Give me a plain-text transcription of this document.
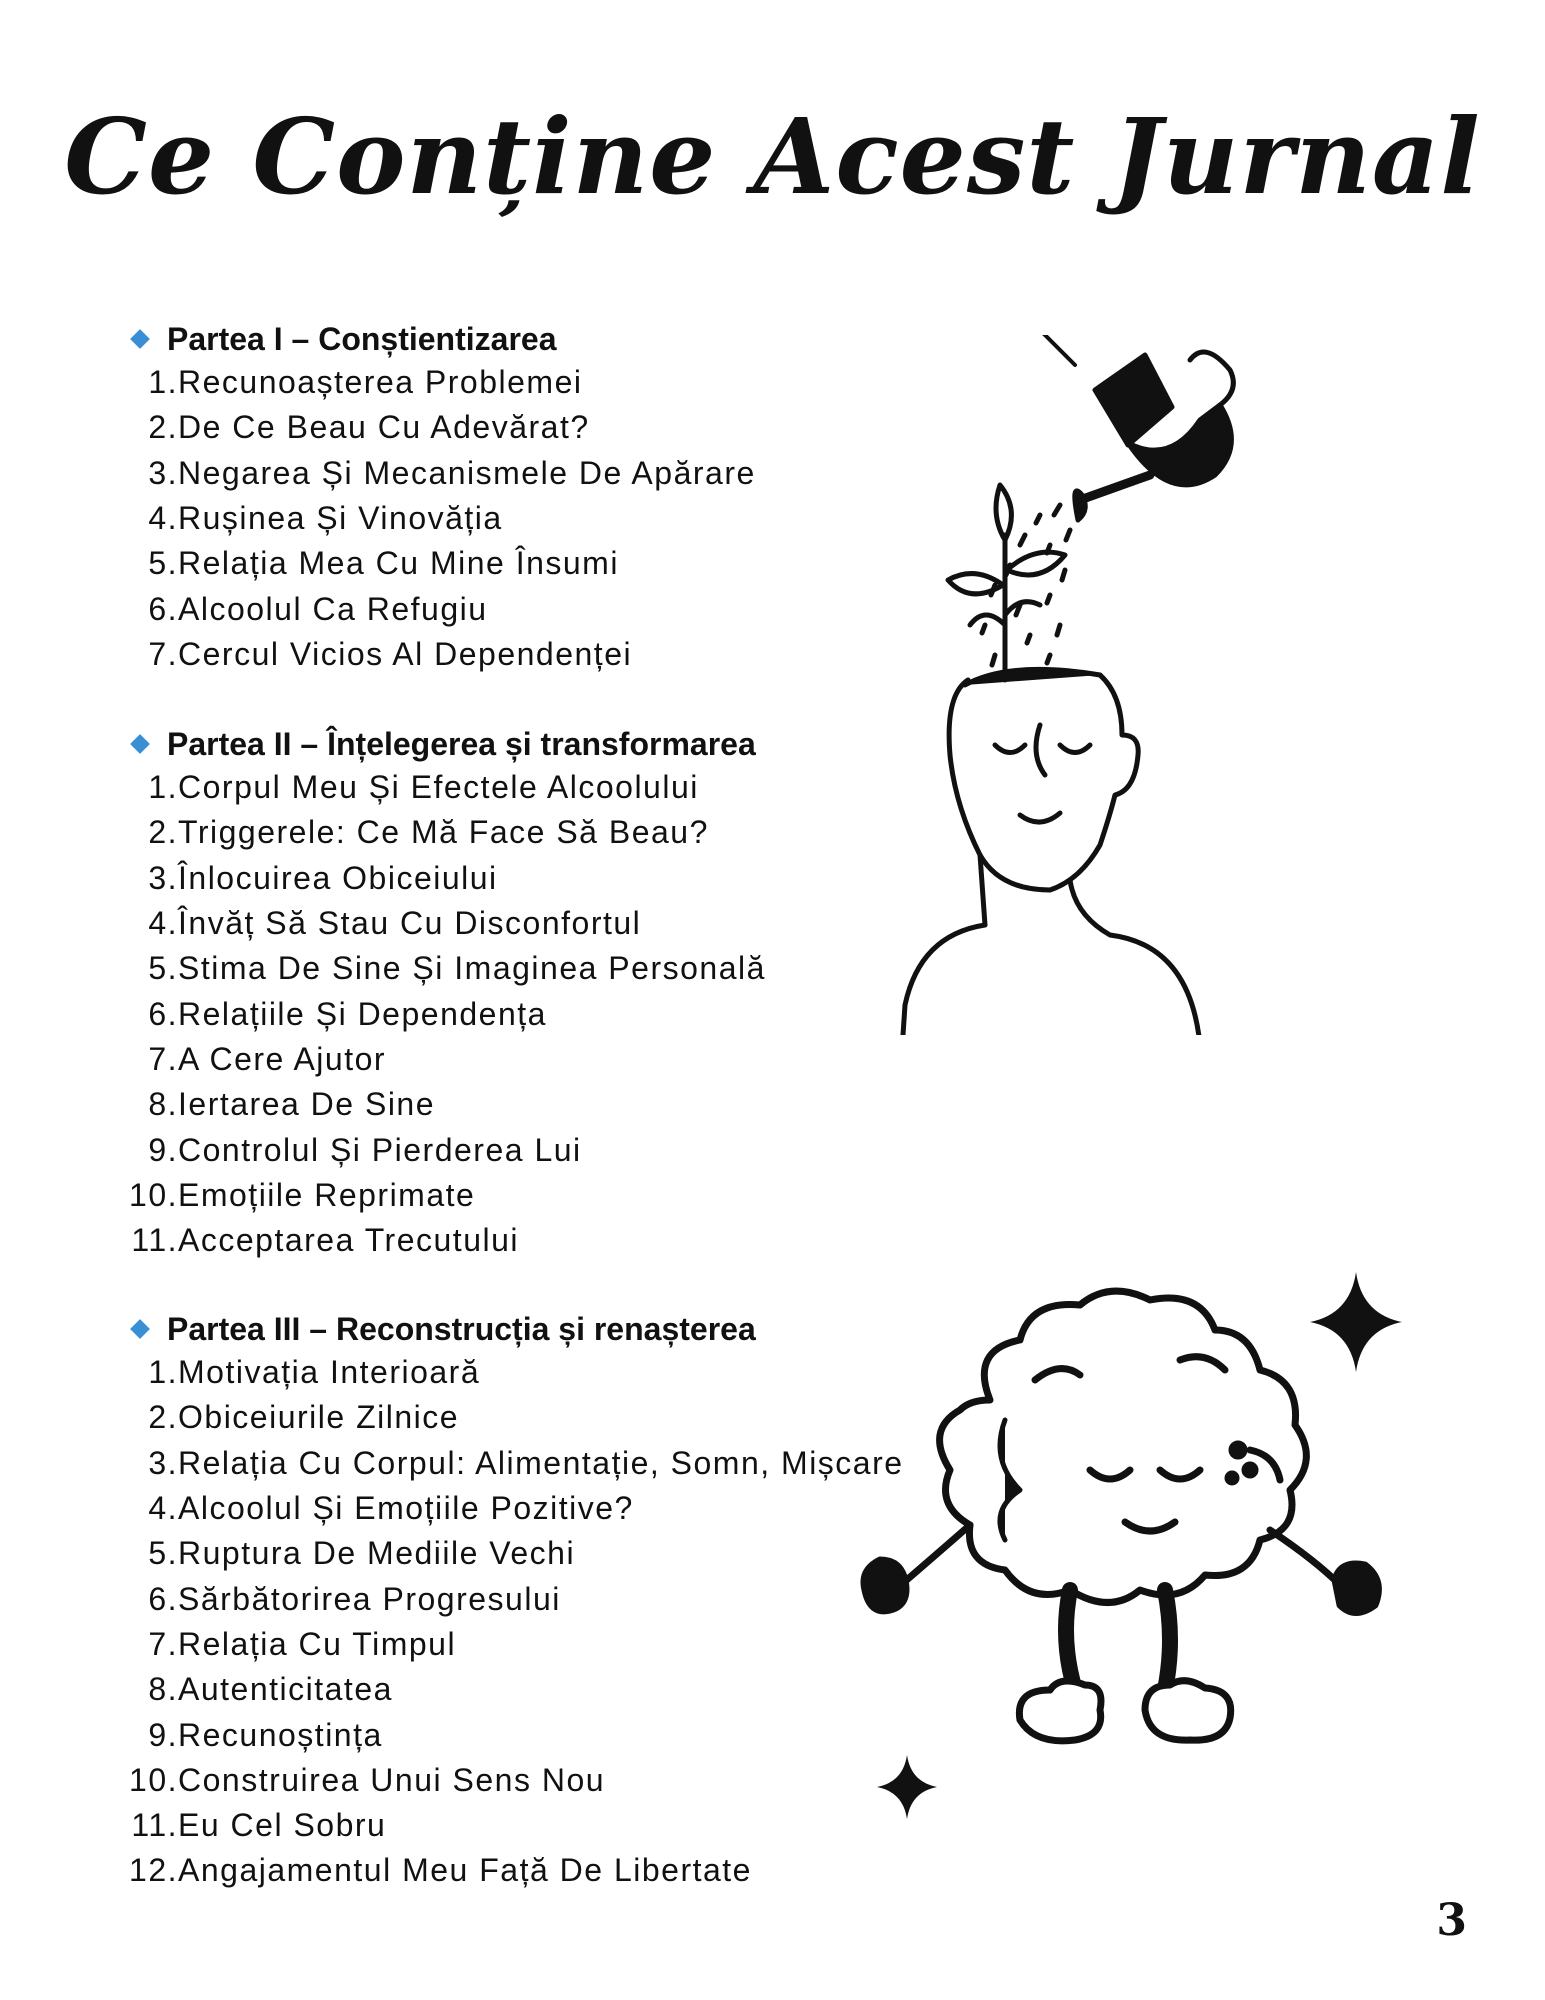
Ce Conține Acest Jurnal
Partea I – Conștientizarea
1. Recunoașterea Problemei
2. De Ce Beau Cu Adevărat?
3. Negarea Și Mecanismele De Apărare
4. Rușinea Și Vinovăția
5. Relația Mea Cu Mine Însumi
6. Alcoolul Ca Refugiu
7. Cercul Vicios Al Dependenței
Partea II – Înțelegerea și transformarea
1. Corpul Meu Și Efectele Alcoolului
2. Triggerele: Ce Mă Face Să Beau?
3. Înlocuirea Obiceiului
4. Învăț Să Stau Cu Disconfortul
5. Stima De Sine Și Imaginea Personală
6. Relațiile Și Dependența
7. A Cere Ajutor
8. Iertarea De Sine
9. Controlul Și Pierderea Lui
10. Emoțiile Reprimate
11. Acceptarea Trecutului
Partea III – Reconstrucția și renașterea
1. Motivația Interioară
2. Obiceiurile Zilnice
3. Relația Cu Corpul: Alimentație, Somn, Mișcare
4. Alcoolul Și Emoțiile Pozitive?
5. Ruptura De Mediile Vechi
6. Sărbătorirea Progresului
7. Relația Cu Timpul
8. Autenticitatea
9. Recunoștința
10. Construirea Unui Sens Nou
11. Eu Cel Sobru
12. Angajamentul Meu Față De Libertate
3
